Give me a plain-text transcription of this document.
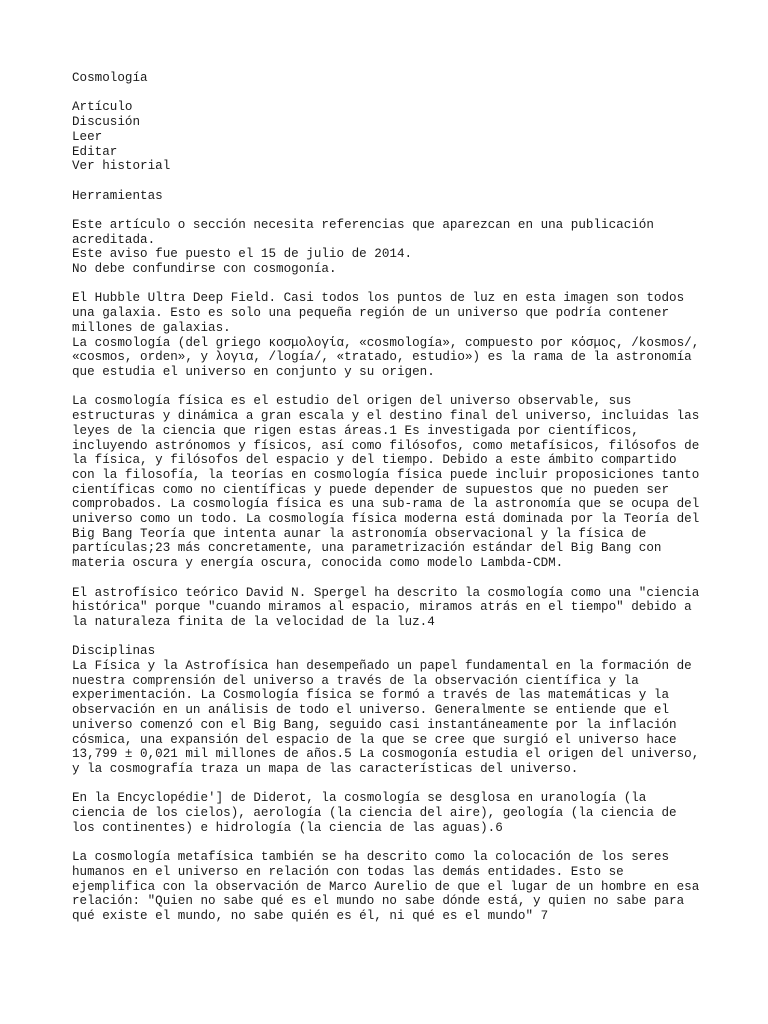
Cosmología
Artículo
Discusión
Leer
Editar
Ver historial
Herramientas
Este artículo o sección necesita referencias que aparezcan en una publicación
acreditada.
Este aviso fue puesto el 15 de julio de 2014.
No debe confundirse con cosmogonía.
El Hubble Ultra Deep Field. Casi todos los puntos de luz en esta imagen son todos
una galaxia. Esto es solo una pequeña región de un universo que podría contener
millones de galaxias.
La cosmología (del griego κοσμολογία, «cosmología», compuesto por κόσμος, /kosmos/,
«cosmos, orden», y λογια, /logía/, «tratado, estudio») es la rama de la astronomía
que estudia el universo en conjunto y su origen.
La cosmología física es el estudio del origen del universo observable, sus
estructuras y dinámica a gran escala y el destino final del universo, incluidas las
leyes de la ciencia que rigen estas áreas.1 Es investigada por científicos,
incluyendo astrónomos y físicos, así como filósofos, como metafísicos, filósofos de
la física, y filósofos del espacio y del tiempo. Debido a este ámbito compartido
con la filosofía, la teorías en cosmología física puede incluir proposiciones tanto
científicas como no científicas y puede depender de supuestos que no pueden ser
comprobados. La cosmología física es una sub-rama de la astronomía que se ocupa del
universo como un todo. La cosmología física moderna está dominada por la Teoría del
Big Bang Teoría que intenta aunar la astronomía observacional y la física de
partículas;23 más concretamente, una parametrización estándar del Big Bang con
materia oscura y energía oscura, conocida como modelo Lambda-CDM.
El astrofísico teórico David N. Spergel ha descrito la cosmología como una "ciencia
histórica" porque "cuando miramos al espacio, miramos atrás en el tiempo" debido a
la naturaleza finita de la velocidad de la luz.4
Disciplinas
La Física y la Astrofísica han desempeñado un papel fundamental en la formación de
nuestra comprensión del universo a través de la observación científica y la
experimentación. La Cosmología física se formó a través de las matemáticas y la
observación en un análisis de todo el universo. Generalmente se entiende que el
universo comenzó con el Big Bang, seguido casi instantáneamente por la inflación
cósmica, una expansión del espacio de la que se cree que surgió el universo hace
13,799 ± 0,021 mil millones de años.5 La cosmogonía estudia el origen del universo,
y la cosmografía traza un mapa de las características del universo.
En la Encyclopédie'] de Diderot, la cosmología se desglosa en uranología (la
ciencia de los cielos), aerología (la ciencia del aire), geología (la ciencia de
los continentes) e hidrología (la ciencia de las aguas).6
La cosmología metafísica también se ha descrito como la colocación de los seres
humanos en el universo en relación con todas las demás entidades. Esto se
ejemplifica con la observación de Marco Aurelio de que el lugar de un hombre en esa
relación: "Quien no sabe qué es el mundo no sabe dónde está, y quien no sabe para
qué existe el mundo, no sabe quién es él, ni qué es el mundo" 7
